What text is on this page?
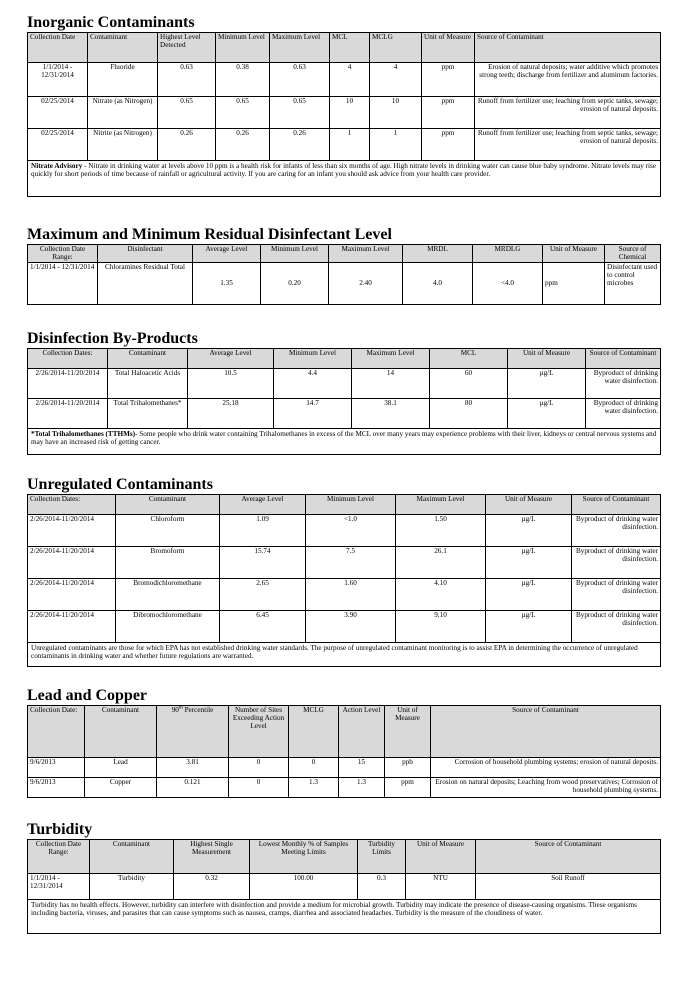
Inorganic Contaminants
Collection Date	Contaminant	Highest Level Detected	Minimum Level	Maximum Level	MCL	MCLG	Unit of Measure	Source of Contaminant
1/1/2014 - 12/31/2014	Fluoride	0.63	0.38	0.63	4	4	ppm	Erosion of natural deposits; water additive which promotes strong teeth; discharge from fertilizer and aluminum factories.
02/25/2014	Nitrate (as Nitrogen)	0.65	0.65	0.65	10	10	ppm	Runoff from fertilizer use; leaching from septic tanks, sewage; erosion of natural deposits.
02/25/2014	Nitrite (as Nitrogen)	0.26	0.26	0.26	1	1	ppm	Runoff from fertilizer use; leaching from septic tanks, sewage; erosion of natural deposits.
Nitrate Advisory - Nitrate in drinking water at levels above 10 ppm is a health risk for infants of less than six months of age. High nitrate levels in drinking water can cause blue baby syndrome. Nitrate levels may rise quickly for short periods of time because of rainfall or agricultural activity. If you are caring for an infant you should ask advice from your health care provider.								
Maximum and Minimum Residual Disinfectant Level
Collection Date Range:	Disinfectant	Average Level	Minimum Level	Maximum Level	MRDL	MRDLG	Unit of Measure	Source of Chemical
1/1/2014 - 12/31/2014	Chloramines Residual Total	1.35	0.20	2.40	4.0	<4.0	ppm	Disinfectant used to control microbes
Disinfection By-Products
Collection Dates:	Contaminant	Average Level	Minimum Level	Maximum Level	MCL	Unit of Measure	Source of Contaminant
2/26/2014-11/20/2014	Total Haloacetic Acids	10.5	4.4	14	60	µg/L	Byproduct of drinking water disinfection.
2/26/2014-11/20/2014	Total Trihalomethanes*	25.18	14.7	38.1	80	µg/L	Byproduct of drinking water disinfection.
*Total Trihalomethanes (TTHMs)- Some people who drink water containing Trihalomethanes in excess of the MCL over many years may experience problems with their liver, kidneys or central nervous systems and may have an increased risk of getting cancer.							
Unregulated Contaminants
Collection Dates:	Contaminant	Average Level	Minimum Level	Maximum Level	Unit of Measure	Source of Contaminant
2/26/2014-11/20/2014	Chloroform	1.09	<1.0	1.50	µg/L	Byproduct of drinking water disinfection.
2/26/2014-11/20/2014	Bromoform	15.74	7.5	26.1	µg/L	Byproduct of drinking water disinfection.
2/26/2014-11/20/2014	Bromodichloromethane	2.65	1.60	4.10	µg/L	Byproduct of drinking water disinfection.
2/26/2014-11/20/2014	Dibromochloromethane	6.45	3.90	9.10	µg/L	Byproduct of drinking water disinfection.
Unregulated contaminants are those for which EPA has not established drinking water standards. The purpose of unregulated contaminant monitoring is to assist EPA in determining the occurrence of unregulated contaminants in drinking water and whether future regulations are warranted.						
Lead and Copper
Collection Date:	Contaminant	90th Percentile	Number of Sites Exceeding Action Level	MCLG	Action Level	Unit of Measure	Source of Contaminant
9/6/2013	Lead	3.81	0	0	15	ppb	Corrosion of household plumbing systems; erosion of natural deposits.
9/6/2013	Copper	0.121	0	1.3	1.3	ppm	Erosion on natural deposits; Leaching from wood preservatives; Corrosion of household plumbing systems.
Turbidity
Collection Date Range:	Contaminant	Highest Single Measurement	Lowest Monthly % of Samples Meeting Limits	Turbidity Limits	Unit of Measure	Source of Contaminant
1/1/2014 - 12/31/2014	Turbidity	0.32	100.00	0.3	NTU	Soil Runoff
Turbidity has no health effects. However, turbidity can interfere with disinfection and provide a medium for microbial growth. Turbidity may indicate the presence of disease-causing organisms. These organisms including bacteria, viruses, and parasites that can cause symptoms such as nausea, cramps, diarrhea and associated headaches. Turbidity is the measure of the cloudiness of water.						
